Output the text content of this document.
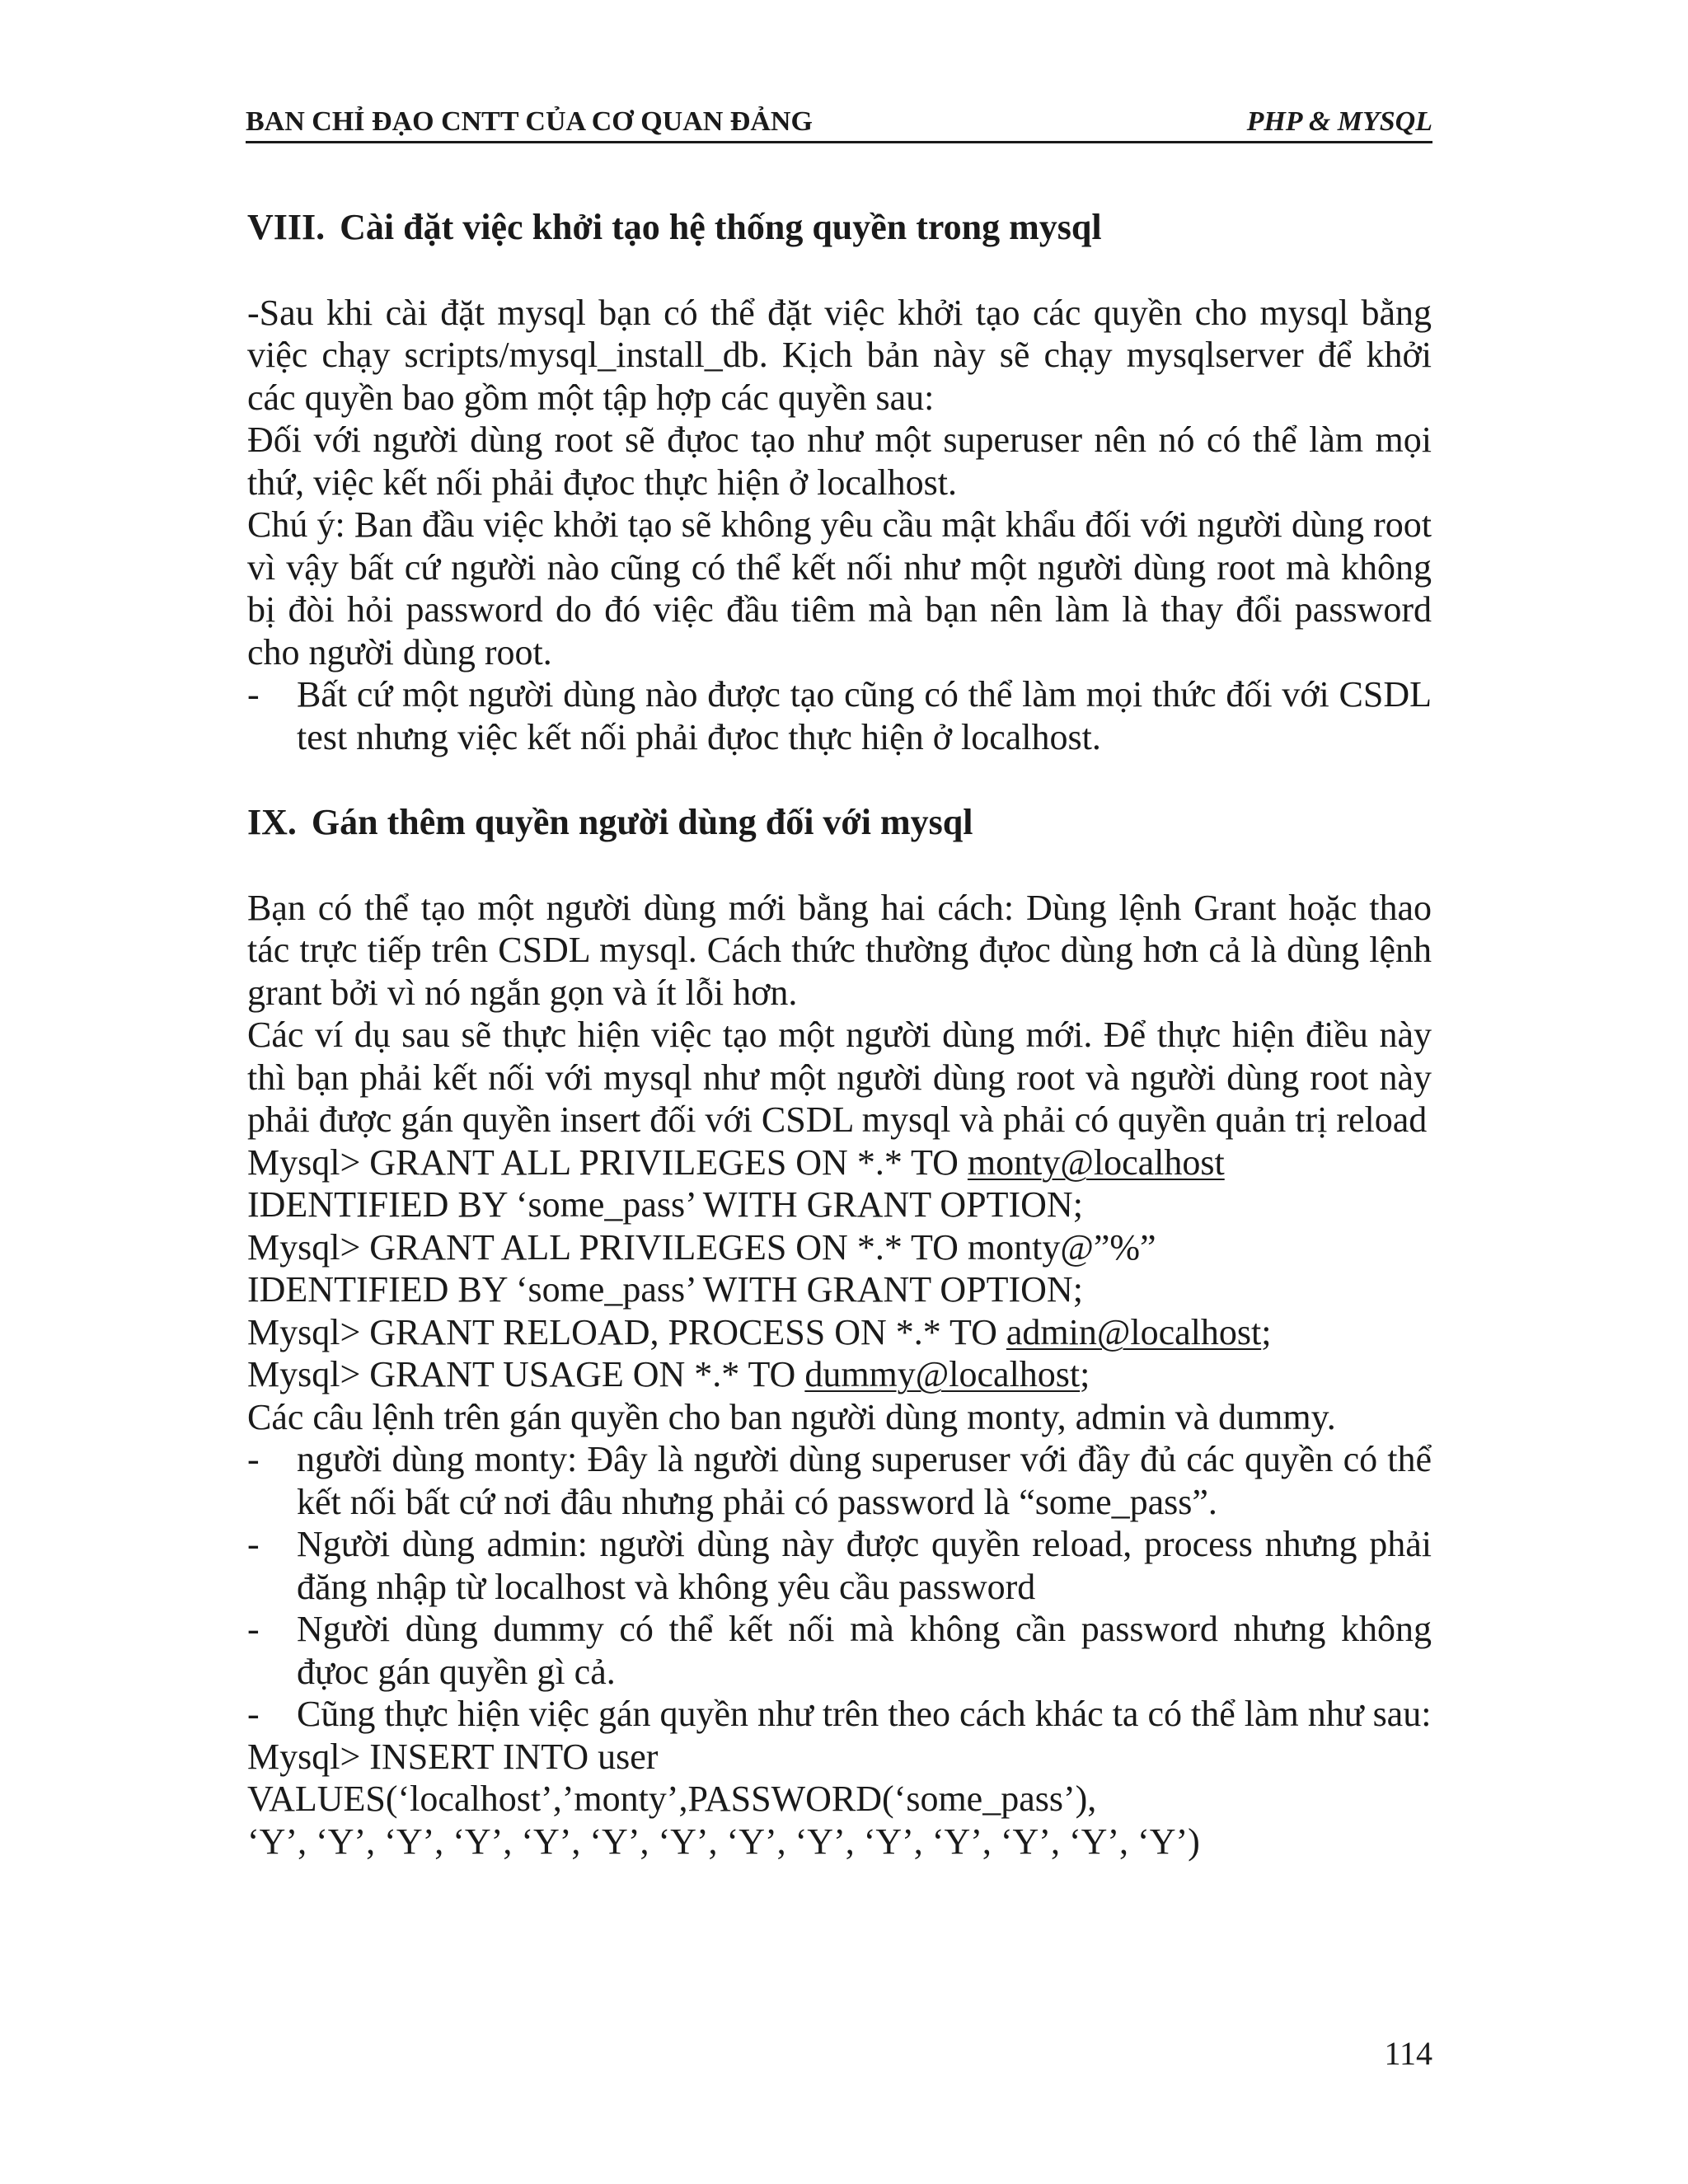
BAN CHỈ ĐẠO CNTT CỦA CƠ QUAN ĐẢNG	PHP & MYSQL
VIII. Cài đặt việc khởi tạo hệ thống quyền trong mysql

-Sau khi cài đặt mysql bạn có thể đặt việc khởi tạo các quyền cho mysql bằng việc chạy scripts/mysql_install_db. Kịch bản này sẽ chạy mysqlserver để khởi các quyền bao gồm một tập hợp các quyền sau:

Đối với người dùng root sẽ đựoc tạo như một superuser nên nó có thể làm mọi thứ, việc kết nối phải đựoc thực hiện ở localhost.

Chú ý: Ban đầu việc khởi tạo sẽ không yêu cầu mật khẩu đối với người dùng root vì vậy bất cứ người nào cũng có thể kết nối như một người dùng root mà không bị đòi hỏi password do đó việc đầu tiêm mà bạn nên làm là thay đổi password cho người dùng root.

-	Bất cứ một người dùng nào được tạo cũng có thể làm mọi thức đối với CSDL test nhưng việc kết nối phải đựoc thực hiện ở localhost.
IX. Gán thêm quyền người dùng đối với mysql

Bạn có thể tạo một người dùng mới bằng hai cách: Dùng lệnh Grant hoặc thao tác trực tiếp trên CSDL mysql. Cách thức thường đựoc dùng hơn cả là dùng lệnh grant bởi vì nó ngắn gọn và ít lỗi hơn.

Các ví dụ sau sẽ thực hiện việc tạo một người dùng mới. Để thực hiện điều này thì bạn phải kết nối với mysql như một người dùng root và người dùng root này phải được gán quyền insert đối với CSDL mysql và phải có quyền quản trị reload

Mysql> GRANT ALL PRIVILEGES ON *.* TO monty@localhost
IDENTIFIED BY ‘some_pass’ WITH GRANT OPTION;
Mysql> GRANT ALL PRIVILEGES ON *.* TO monty@”%”
IDENTIFIED BY ‘some_pass’ WITH GRANT OPTION;
Mysql> GRANT RELOAD, PROCESS ON *.* TO admin@localhost;
Mysql> GRANT USAGE ON *.* TO dummy@localhost;

Các câu lệnh trên gán quyền cho ban người dùng monty, admin và dummy.

-	người dùng monty: Đây là người dùng superuser với đầy đủ các quyền có thể kết nối bất cứ nơi đâu nhưng phải có password là “some_pass”.
-	Người dùng admin: người dùng này được quyền reload, process nhưng phải đăng nhập từ localhost và không yêu cầu password
-	Người dùng dummy có thể kết nối mà không cần password nhưng không đựoc gán quyền gì cả.
-	Cũng thực hiện việc gán quyền như trên theo cách khác ta có thể làm như sau:
Mysql> INSERT INTO user
VALUES(‘localhost’,’monty’,PASSWORD(‘some_pass’),
‘Y’, ‘Y’, ‘Y’, ‘Y’, ‘Y’, ‘Y’, ‘Y’, ‘Y’, ‘Y’, ‘Y’, ‘Y’, ‘Y’, ‘Y’, ‘Y’)
114
